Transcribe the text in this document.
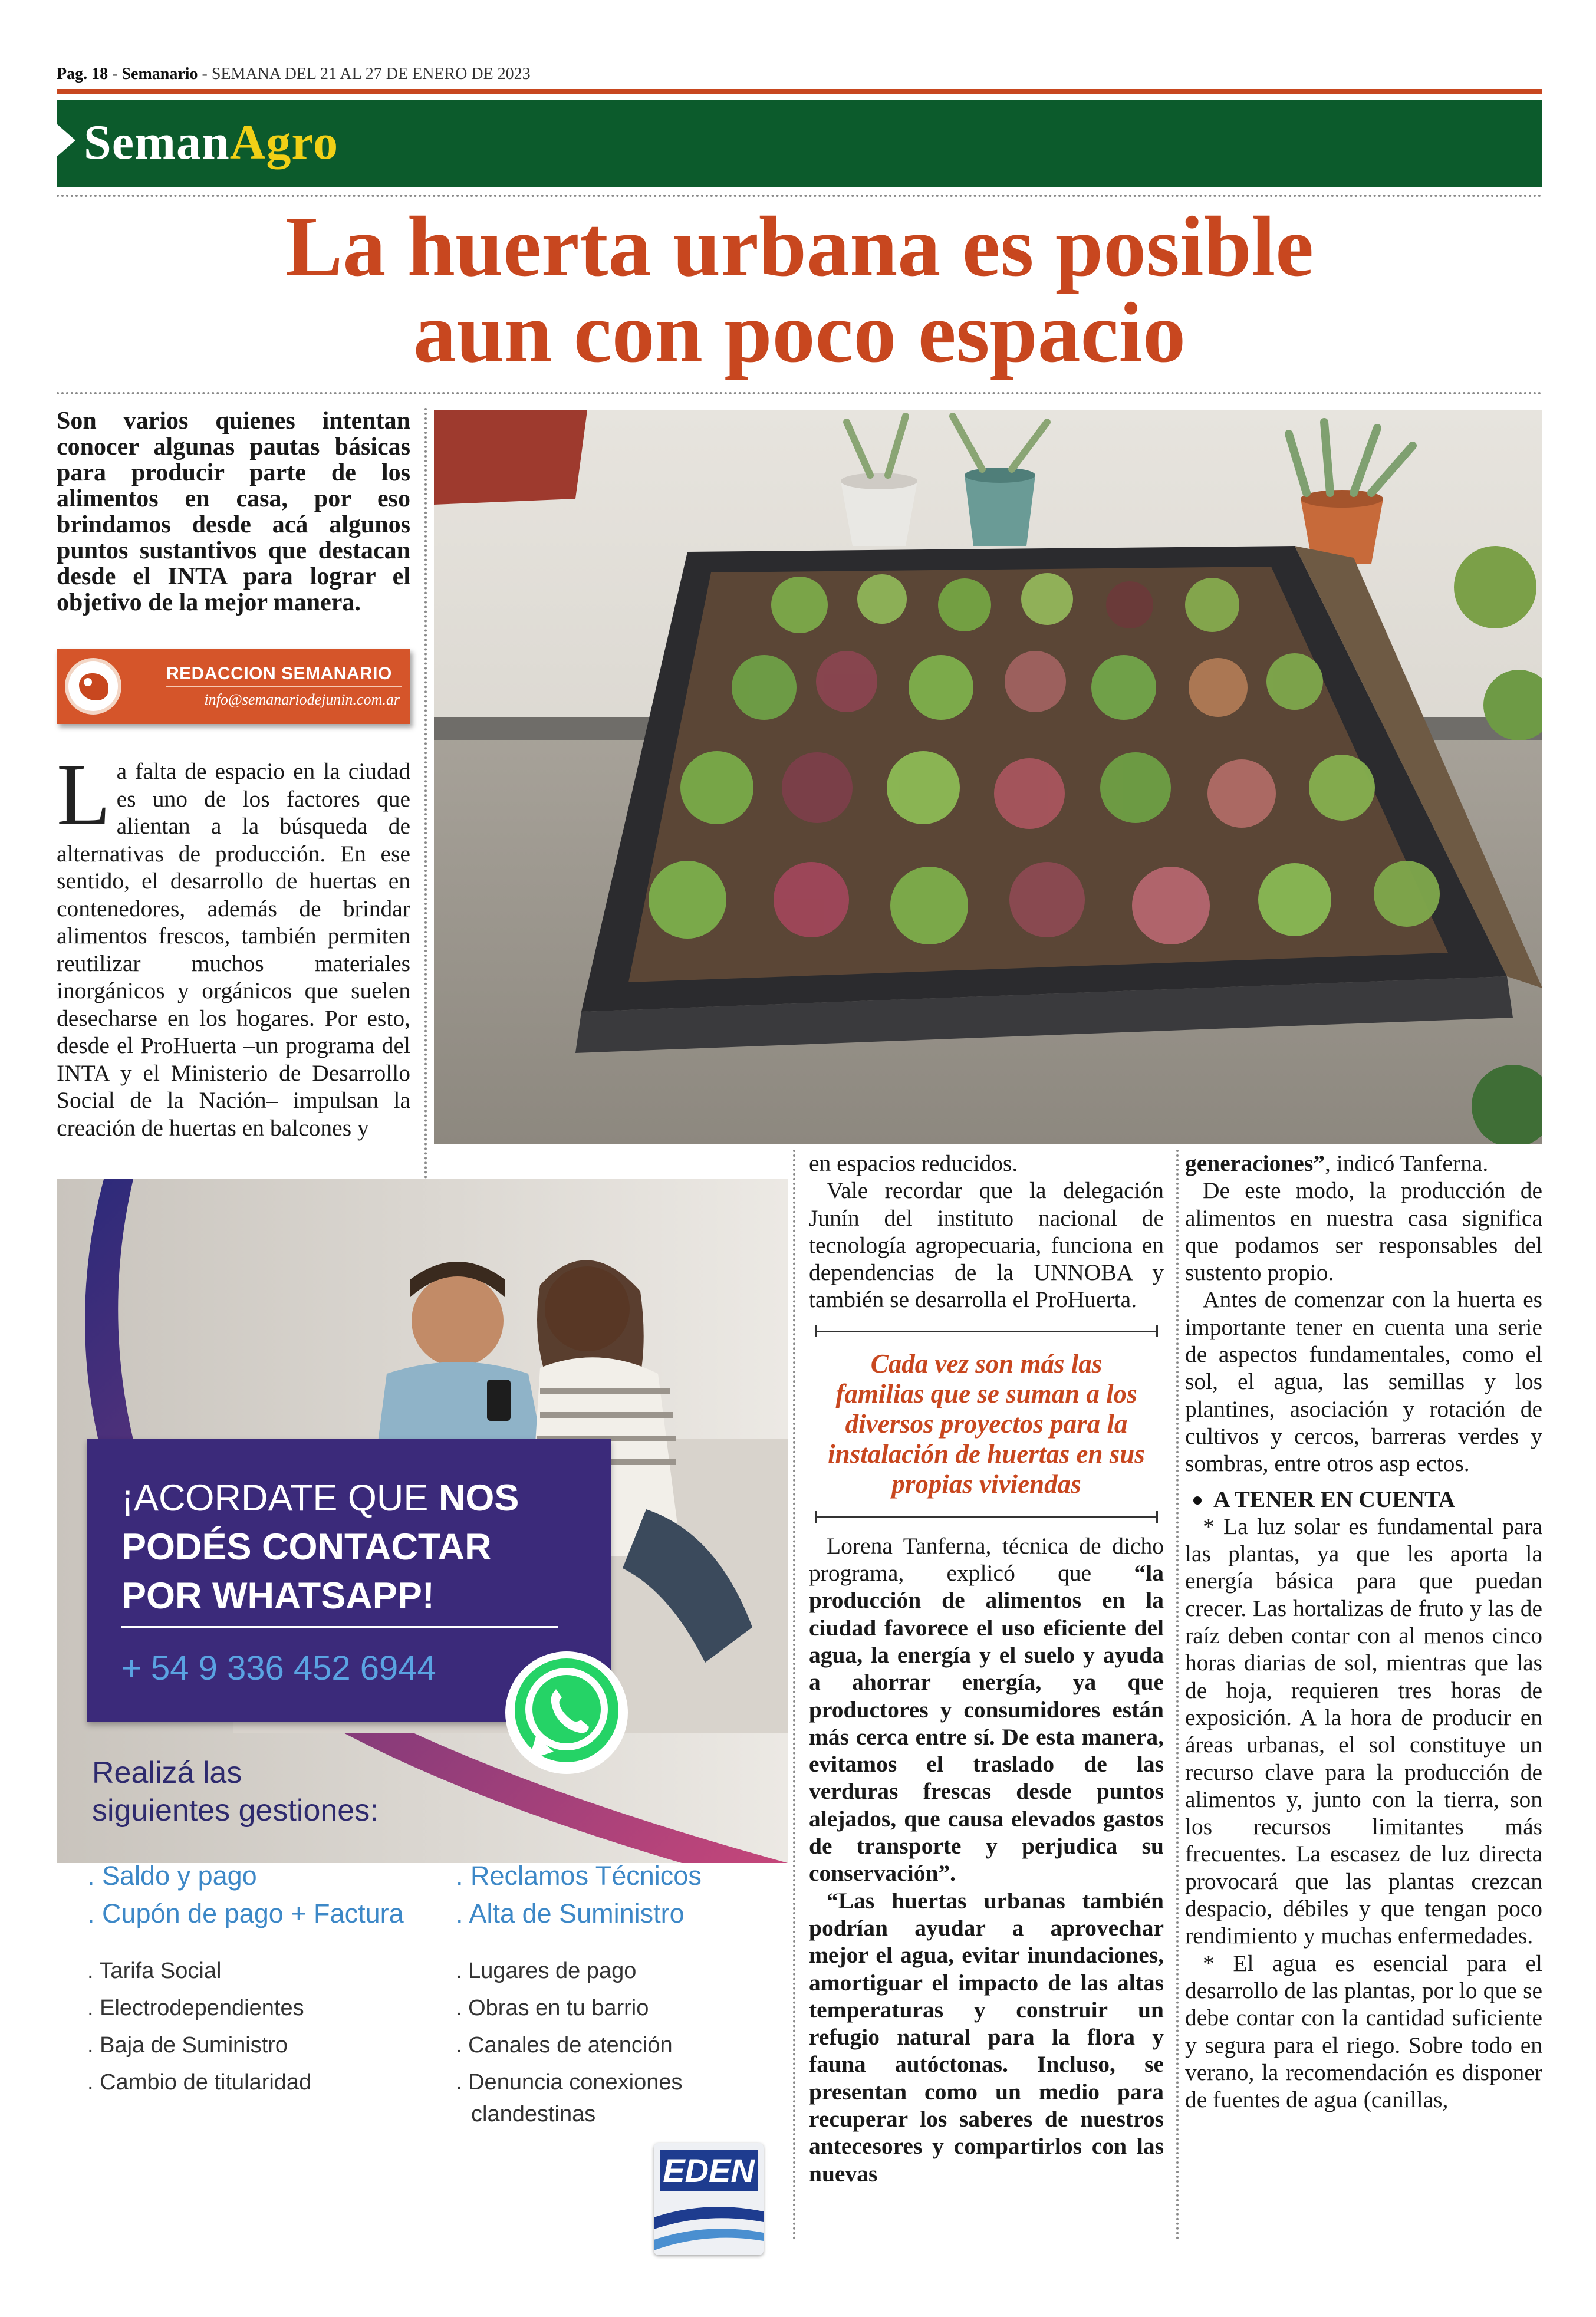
Pag. 18 - Semanario - SEMANA DEL 21 AL 27 DE ENERO DE 2023
SemanAgro
La huerta urbana es posible
aun con poco espacio
Son varios quienes intentan conocer algunas pautas básicas para producir parte de los alimentos en casa, por eso brindamos desde acá algunos puntos sustantivos que destacan desde el INTA para lograr el objetivo de la mejor manera.
REDACCION SEMANARIO
info@semanariodejunin.com.ar
L a falta de espacio en la ciudad es uno de los factores que alientan a la búsqueda de alternativas de producción. En ese sentido, el desarrollo de huertas en contenedores, además de brindar alimentos frescos, también permiten reutilizar muchos materiales inorgánicos y orgánicos que suelen desecharse en los hogares. Por esto, desde el ProHuerta –un programa del INTA y el Ministerio de Desarrollo Social de la Nación– impulsan la creación de huertas en balcones y
¡ACORDATE QUE NOS
PODÉS CONTACTAR
POR WHATSAPP!
+ 54 9 336 452 6944
Realizá las
siguientes gestiones:
. Saldo y pago
. Cupón de pago + Factura
. Tarifa Social
. Electrodependientes
. Baja de Suministro
. Cambio de titularidad
. Reclamos Técnicos
. Alta de Suministro
. Lugares de pago
. Obras en tu barrio
. Canales de atención
. Denuncia conexiones
clandestinas
EDEN

en espacios reducidos.

Vale recordar que la delegación Junín del instituto nacional de tecnología agropecuaria, funciona en dependencias de la UNNOBA y también se desarrolla el ProHuerta.

Cada vez son más las familias que se suman a los diversos proyectos para la instalación de huertas en sus propias viviendas

Lorena Tanferna, técnica de dicho programa, explicó que “la producción de alimentos en la ciudad favorece el uso eficiente del agua, la energía y el suelo y ayuda a ahorrar energía, ya que productores y consumidores están más cerca entre sí. De esta manera, evitamos el traslado de las verduras frescas desde puntos alejados, que causa elevados gastos de transporte y perjudica su conservación”.

“Las huertas urbanas también podrían ayudar a aprovechar mejor el agua, evitar inundaciones, amortiguar el impacto de las altas temperaturas y construir un refugio natural para la flora y fauna autóctonas. Incluso, se presentan como un medio para recuperar los saberes de nuestros antecesores y compartirlos con las nuevas

generaciones”, indicó Tanferna.

De este modo, la producción de alimentos en nuestra casa significa que podamos ser responsables del sustento propio.

Antes de comenzar con la huerta es importante tener en cuenta una serie de aspectos fundamentales, como el sol, el agua, las semillas y los plantines, asociación y rotación de cultivos y cercos, barreras verdes y sombras, entre otros asp ectos.

A TENER EN CUENTA

* La luz solar es fundamental para las plantas, ya que les aporta la energía básica para que puedan crecer. Las hortalizas de fruto y las de raíz deben contar con al menos cinco horas diarias de sol, mientras que las de hoja, requieren tres horas de exposición. A la hora de producir en áreas urbanas, el sol constituye un recurso clave para la producción de alimentos y, junto con la tierra, son los recursos limitantes más frecuentes. La escasez de luz directa provocará que las plantas crezcan despacio, débiles y que tengan poco rendimiento y muchas enfermedades.

* El agua es esencial para el desarrollo de las plantas, por lo que se debe contar con la cantidad suficiente y segura para el riego. Sobre todo en verano, la recomendación es disponer de fuentes de agua (canillas,
